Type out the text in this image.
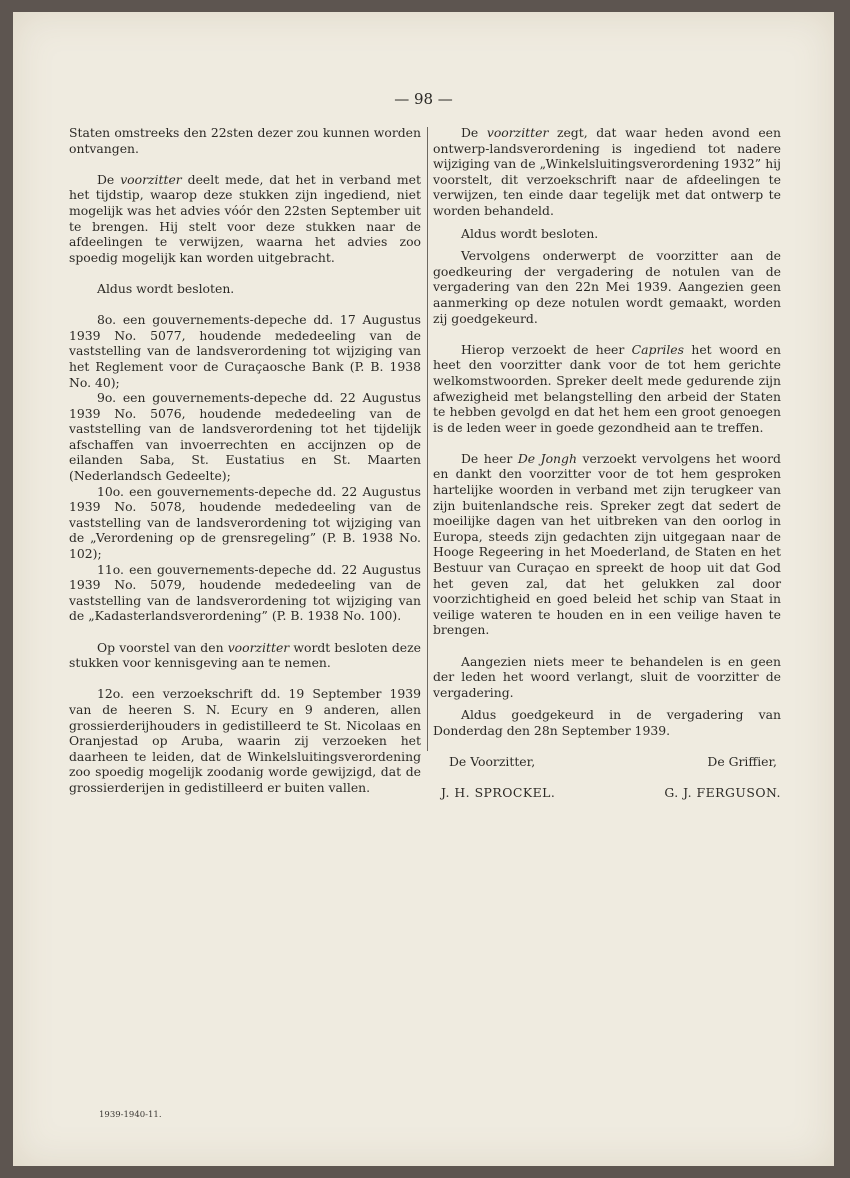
— 98 —

Staten omstreeks den 22sten dezer zou kunnen worden ontvangen.

De voorzitter deelt mede, dat het in verband met het tijdstip, waarop deze stukken zijn ingediend, niet mogelijk was het advies vóór den 22sten September uit te brengen. Hij stelt voor deze stukken naar de afdeelingen te verwijzen, waarna het advies zoo spoedig mogelijk kan worden uitgebracht.

Aldus wordt besloten.

8o. een gouvernements-depeche dd. 17 Augustus 1939 No. 5077, houdende mededeeling van de vaststelling van de landsverordening tot wijziging van het Reglement voor de Curaçaosche Bank (P. B. 1938 No. 40);

9o. een gouvernements-depeche dd. 22 Augustus 1939 No. 5076, houdende mededeeling van de vaststelling van de landsverordening tot het tijdelijk afschaffen van invoerrechten en accijnzen op de eilanden Saba, St. Eustatius en St. Maarten (Nederlandsch Gedeelte);

10o. een gouvernements-depeche dd. 22 Augustus 1939 No. 5078, houdende mededeeling van de vaststelling van de landsverordening tot wijziging van de „Verordening op de grensregeling” (P. B. 1938 No. 102);

11o. een gouvernements-depeche dd. 22 Augustus 1939 No. 5079, houdende mededeeling van de vaststelling van de landsverordening tot wijziging van de „Kadasterlandsverordening” (P. B. 1938 No. 100).

Op voorstel van den voorzitter wordt besloten deze stukken voor kennisgeving aan te nemen.

12o. een verzoekschrift dd. 19 September 1939 van de heeren S. N. Ecury en 9 anderen, allen grossierderijhouders in gedistilleerd te St. Nicolaas en Oranjestad op Aruba, waarin zij verzoeken het daarheen te leiden, dat de Winkelsluitingsverordening zoo spoedig mogelijk zoodanig worde gewijzigd, dat de grossierderijen in gedistilleerd er buiten vallen.

De voorzitter zegt, dat waar heden avond een ontwerp-landsverordening is ingediend tot nadere wijziging van de „Winkelsluitingsverordening 1932” hij voorstelt, dit verzoekschrift naar de afdeelingen te verwijzen, ten einde daar tegelijk met dat ontwerp te worden behandeld.

Aldus wordt besloten.

Vervolgens onderwerpt de voorzitter aan de goedkeuring der vergadering de notulen van de vergadering van den 22n Mei 1939. Aangezien geen aanmerking op deze notulen wordt gemaakt, worden zij goedgekeurd.

Hierop verzoekt de heer Capriles het woord en heet den voorzitter dank voor de tot hem gerichte welkomstwoorden. Spreker deelt mede gedurende zijn afwezigheid met belangstelling den arbeid der Staten te hebben gevolgd en dat het hem een groot genoegen is de leden weer in goede gezondheid aan te treffen.

De heer De Jongh verzoekt vervolgens het woord en dankt den voorzitter voor de tot hem gesproken hartelijke woorden in verband met zijn terugkeer van zijn buitenlandsche reis. Spreker zegt dat sedert de moeilijke dagen van het uitbreken van den oorlog in Europa, steeds zijn gedachten zijn uitgegaan naar de Hooge Regeering in het Moederland, de Staten en het Bestuur van Curaçao en spreekt de hoop uit dat God het geven zal, dat het gelukken zal door voorzichtigheid en goed beleid het schip van Staat in veilige wateren te houden en in een veilige haven te brengen.

Aangezien niets meer te behandelen is en geen der leden het woord verlangt, sluit de voorzitter de vergadering.

Aldus goedgekeurd in de vergadering van Donderdag den 28n September 1939.

De Voorzitter,	De Griffier,
J. H. SPROCKEL.	G. J. FERGUSON.
1939-1940-11.
